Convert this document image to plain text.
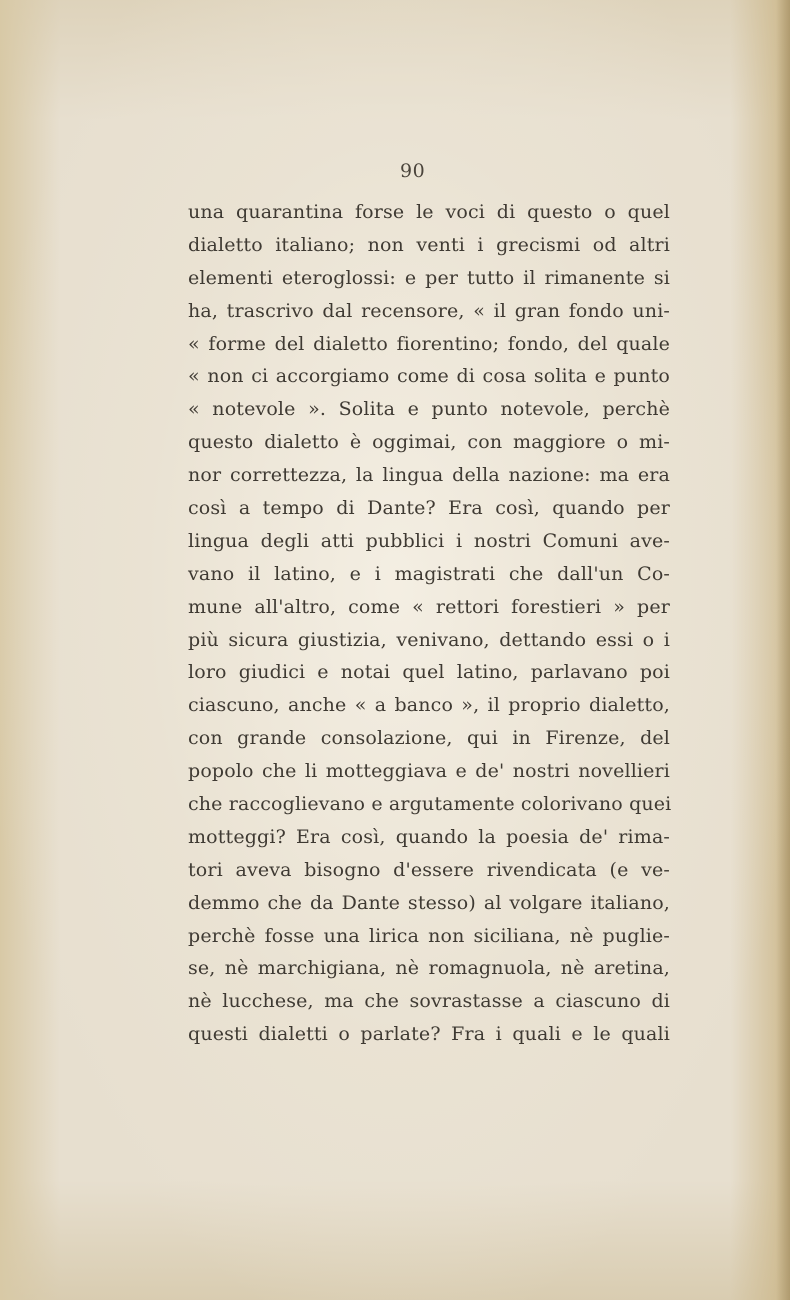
90
una quarantina forse le voci di questo o quel
dialetto italiano; non venti i grecismi od altri
elementi eteroglossi: e per tutto il rimanente si
ha, trascrivo dal recensore, « il gran fondo uni-
« forme del dialetto fiorentino; fondo, del quale
« non ci accorgiamo come di cosa solita e punto
« notevole ». Solita e punto notevole, perchè
questo dialetto è oggimai, con maggiore o mi-
nor correttezza, la lingua della nazione: ma era
così a tempo di Dante? Era così, quando per
lingua degli atti pubblici i nostri Comuni ave-
vano il latino, e i magistrati che dall'un Co-
mune all'altro, come « rettori forestieri » per
più sicura giustizia, venivano, dettando essi o i
loro giudici e notai quel latino, parlavano poi
ciascuno, anche « a banco », il proprio dialetto,
con grande consolazione, qui in Firenze, del
popolo che li motteggiava e de' nostri novellieri
che raccoglievano e argutamente colorivano quei
motteggi? Era così, quando la poesia de' rima-
tori aveva bisogno d'essere rivendicata (e ve-
demmo che da Dante stesso) al volgare italiano,
perchè fosse una lirica non siciliana, nè puglie-
se, nè marchigiana, nè romagnuola, nè aretina,
nè lucchese, ma che sovrastasse a ciascuno di
questi dialetti o parlate? Fra i quali e le quali
